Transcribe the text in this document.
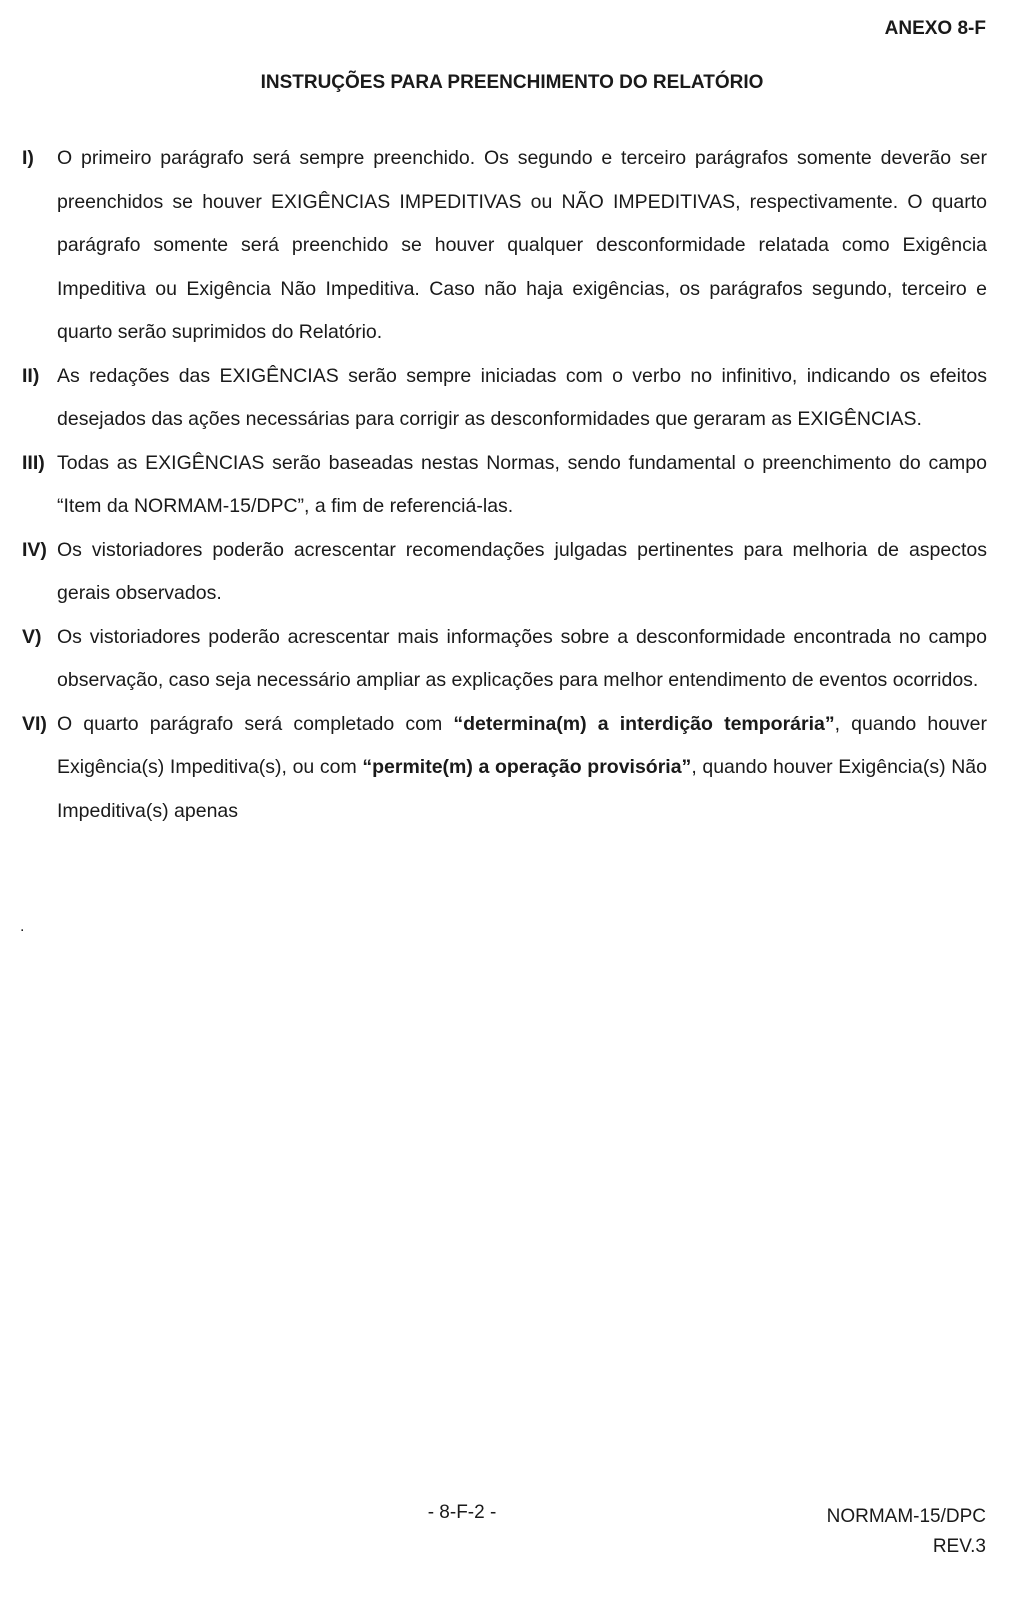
ANEXO 8-F

INSTRUÇÕES PARA PREENCHIMENTO DO RELATÓRIO

I) O primeiro parágrafo será sempre preenchido. Os segundo e terceiro parágrafos somente deverão ser preenchidos se houver EXIGÊNCIAS IMPEDITIVAS ou NÃO IMPEDITIVAS, respectivamente. O quarto parágrafo somente será preenchido se houver qualquer desconformidade relatada como Exigência Impeditiva ou Exigência Não Impeditiva. Caso não haja exigências, os parágrafos segundo, terceiro e quarto serão suprimidos do Relatório.
II) As redações das EXIGÊNCIAS serão sempre iniciadas com o verbo no infinitivo, indicando os efeitos desejados das ações necessárias para corrigir as desconformidades que geraram as EXIGÊNCIAS.
III) Todas as EXIGÊNCIAS serão baseadas nestas Normas, sendo fundamental o preenchimento do campo “Item da NORMAM-15/DPC”, a fim de referenciá-las.
IV) Os vistoriadores poderão acrescentar recomendações julgadas pertinentes para melhoria de aspectos gerais observados.
V) Os vistoriadores poderão acrescentar mais informações sobre a desconformidade encontrada no campo observação, caso seja necessário ampliar as explicações para melhor entendimento de eventos ocorridos.
VI) O quarto parágrafo será completado com “determina(m) a interdição temporária”, quando houver Exigência(s) Impeditiva(s), ou com “permite(m) a operação provisória”, quando houver Exigência(s) Não Impeditiva(s) apenas

.

- 8-F-2 -	NORMAM-15/DPC
REV.3
